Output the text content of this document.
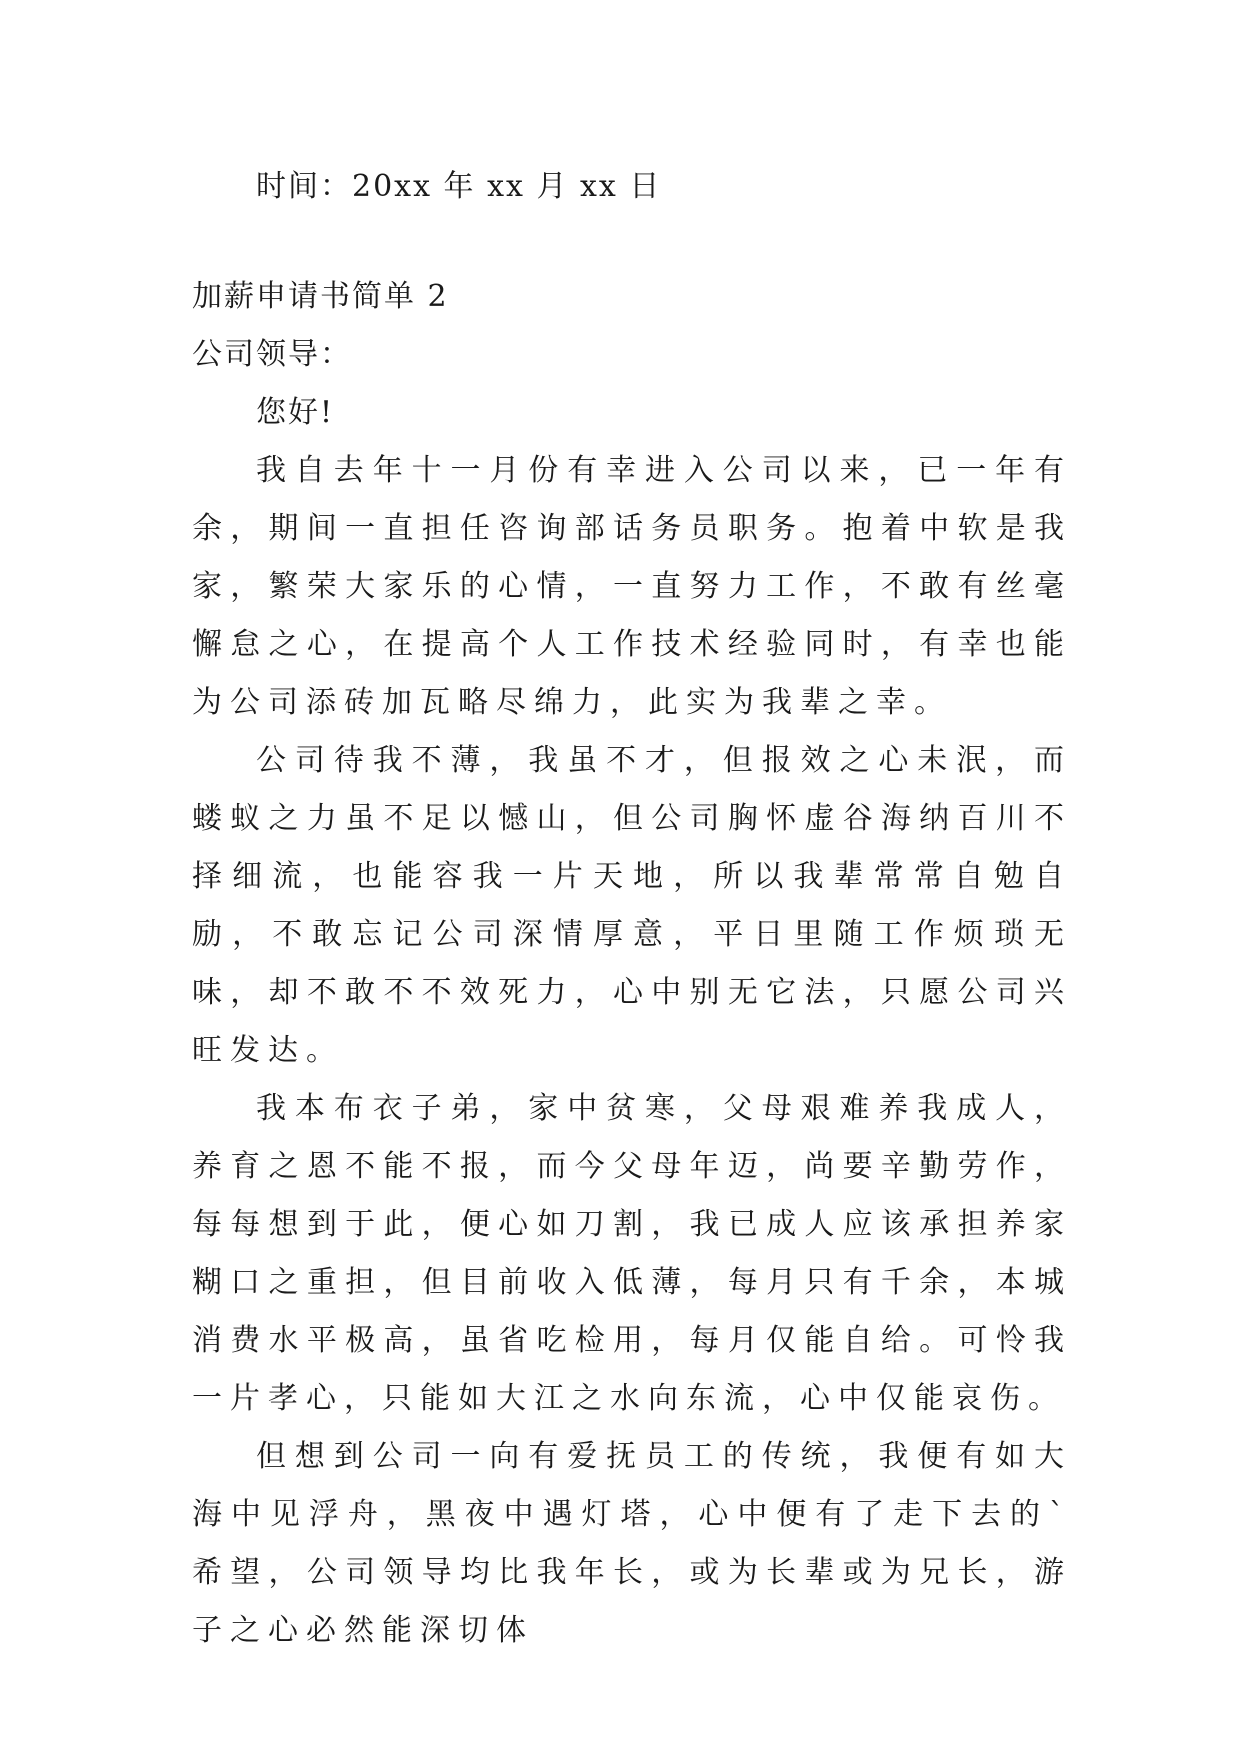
时间：20xx 年 xx 月 xx 日
加薪申请书简单 2
公司领导：
您好!

我自去年十一月份有幸进入公司以来，已一年有余，期间一直担任咨询部话务员职务。抱着中软是我家，繁荣大家乐的心情，一直努力工作，不敢有丝毫懈怠之心，在提高个人工作技术经验同时，有幸也能为公司添砖加瓦略尽绵力，此实为我辈之幸。

公司待我不薄，我虽不才，但报效之心未泯，而蝼蚁之力虽不足以憾山，但公司胸怀虚谷海纳百川不择细流，也能容我一片天地，所以我辈常常自勉自励，不敢忘记公司深情厚意，平日里随工作烦琐无味，却不敢不不效死力，心中别无它法，只愿公司兴旺发达。

我本布衣子弟，家中贫寒，父母艰难养我成人，养育之恩不能不报，而今父母年迈，尚要辛勤劳作，每每想到于此，便心如刀割，我已成人应该承担养家糊口之重担，但目前收入低薄，每月只有千余，本城消费水平极高，虽省吃检用，每月仅能自给。可怜我一片孝心，只能如大江之水向东流，心中仅能哀伤。

但想到公司一向有爱抚员工的传统，我便有如大海中见浮舟，黑夜中遇灯塔，心中便有了走下去的`希望，公司领导均比我年长，或为长辈或为兄长，游子之心必然能深切体
